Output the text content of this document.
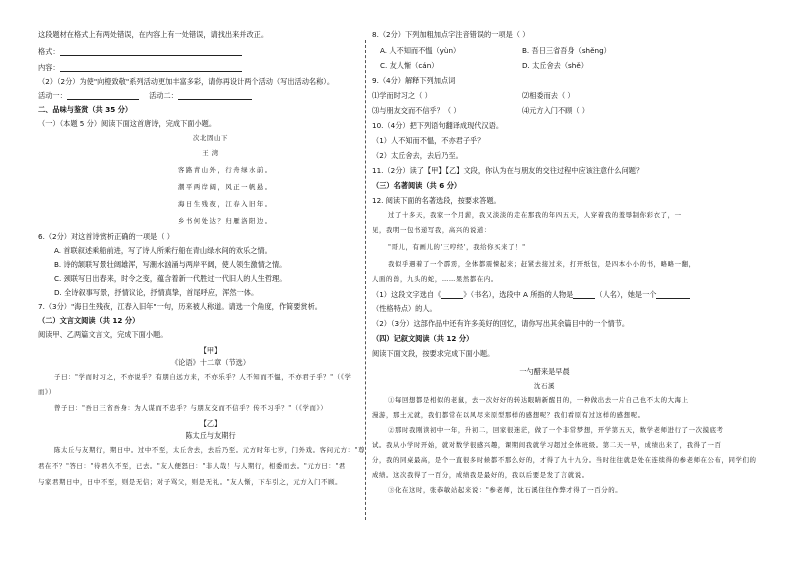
这段题材在格式上有两处错误，在内容上有一处错误，请找出来并改正。
格式：
内容：
（2）（2分）为使"向橙致敬"系列活动更加丰富多彩，请你再设计两个活动（写出活动名称）。
活动一：	活动二：
二、品味与鉴赏（共 35 分）
（一）（本题 5 分）阅读下面这首唐诗，完成下面小题。
次北固山下
王 湾
客路青山外，行舟绿水前。
潮平两岸阔，风正一帆悬。
海日生残夜，江春入旧年。
乡书何处达？归雁洛阳边。
6.（2分）对这首诗赏析正确的一项是（ ）
A. 首联叙述乘船前进，写了诗人所乘行船在青山绿水间的欢乐之情。
B. 诗的颔联写景壮阔雄浑，写潮水汹涌与两岸平阔，使人领生激情之情。
C. 颈联写日出春来，时令之变，蕴含着新一代胜过一代旧人的人生哲理。
D. 全诗叙事写景，抒情议论，抒情真挚，首尾呼应，浑然一体。
7.（3分）"海日生残夜，江春入旧年"一句，历来被人称道。请选一个角度，作简要赏析。
（二）文言文阅读（共 12 分）
阅读甲、乙两篇文言文，完成下面小题。
【甲】
《论语》十二章（节选）
子曰："学而时习之，不亦说乎？有朋自远方来，不亦乐乎？人不知而不愠，不亦君子乎？"（《学
而》）
曾子曰："吾日三省吾身：为人谋而不忠乎？与朋友交而不信乎？传不习乎？"（《学而》）
【乙】
陈太丘与友期行
陈太丘与友期行，期日中。过中不至，太丘舍去，去后乃至。元方时年七岁，门外戏。客问元方："尊
君在不？"答曰："待君久不至，已去。"友人便怒曰："非人哉！与人期行，相委而去。"元方曰："君
与家君期日中，日中不至，则是无信；对子骂父，则是无礼。"友人惭，下车引之，元方入门不顾。
8.（2分）下列加粗加点字注音错误的一项是（ ）
A. 人不知而不愠（yùn）	B. 吾日三省吾身（shěng）
C. 友人惭（cán）	D. 太丘舍去（shě）
9.（4分）解释下列加点词
⑴学而时习之（ ）	⑵相委而去（ ）
⑶与朋友交而不信乎？（ ）	⑷元方入门不顾（ ）
10.（4分）把下列语句翻译成现代汉语。
（1）人不知而不愠，不亦君子乎？
（2）太丘舍去，去后乃至。
11.（2分）读了【甲】【乙】文段，你认为在与朋友的交往过程中应该注意什么问题？
（三）名著阅读（共 6 分）
12. 阅读下面的名著选段，按要求答题。
过了十多天，我家一个月薪，我又淡淡的走在那我的年四五天，人穿着我的羞辱制你彩衣了，一
见，我明一包书递写我，高兴的说道：
"哥儿，有画儿的'三哼经'，我给你买来了！"
我似乎遇着了一个霹雳，全体都震悚起来；赶紧去接过来，打开纸包，是四本小小的书，略略一翻，
人面的兽，九头的蛇，……果然都在内。
（1）这段文字选自《	》（书名），选段中 A 所指的人物是	（人名），她是一个
（性格特点）的人。
（2）（3分）这部作品中还有许多美好的回忆，请你写出其余篇目中的一个情节。
（四）记叙文阅读（共 12 分）
阅读下面文段，按要求完成下面小题。
一勺醋来是早晨
沈石溪
①每回想都是相似的老鼠，去一次好好的转达眼睛新醒目的，一种做出去一片自己也不太的大海上
漫游，那土元就，我们都常在以风尽来原型那样的感想呢？我们看原有过这样的感想呢。
②那时我刚读初中一年，升初二，回家很迷茫，做了一个非常梦想，开学第五天，数学老师进行了一次摸底考
试。我从小学时开始，就对数学很感兴趣，课期间我就学习超过全体班级。第二天一早，成绩出来了，我得了一百
分，我的同桌最高，是个一直很多时候都不那么好的，才得了九十九分。当时往往就是处在连续得的参老师在公布，同学们的
成绩。这次我得了一百分，成绩我是最好的，我以后要是发了言就说。
③化在这时，张恭敏站起来说："参老师，沈石溪往往作弊才得了一百分的。
